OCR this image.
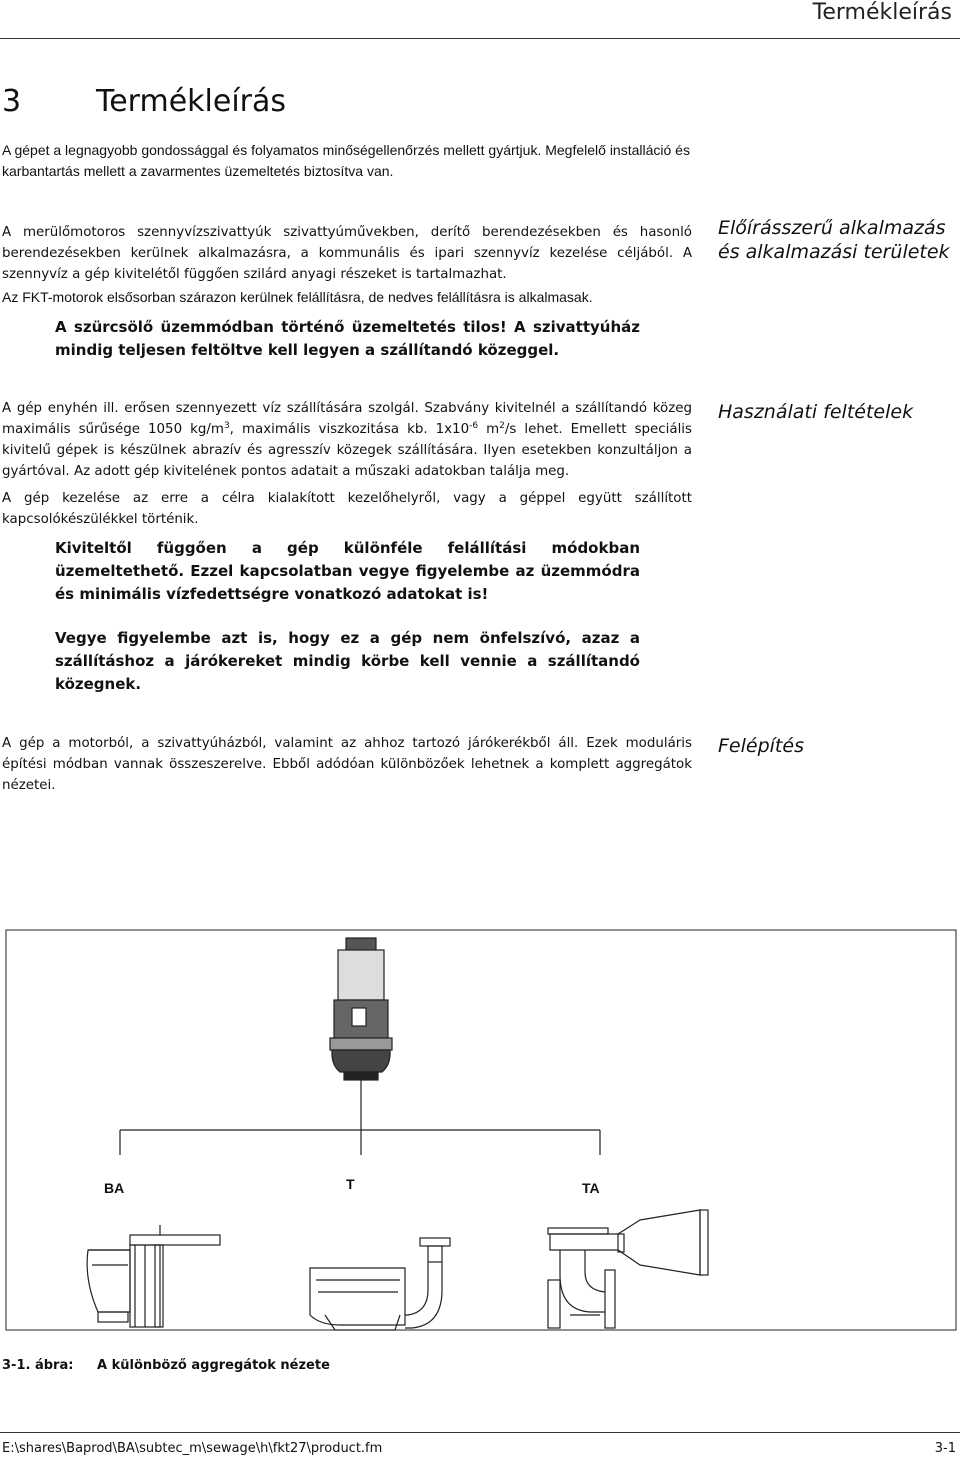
Termékleírás
3 Termékleírás
A gépet a legnagyobb gondossággal és folyamatos minőségellenőrzés mellett gyártjuk. Megfelelő installáció és karbantartás mellett a zavarmentes üzemeltetés biztosítva van.
A merülőmotoros szennyvízszivattyúk szivattyúművekben, derítő berendezésekben és hasonló berendezésekben kerülnek alkalmazásra, a kommunális és ipari szennyvíz kezelése céljából. A szennyvíz a gép kivitelétől függően szilárd anyagi részeket is tartalmazhat.
Az FKT-motorok elsősorban szárazon kerülnek felállításra, de nedves felállításra is alkalmasak.
A szürcsölő üzemmódban történő üzemeltetés tilos! A szivattyúház mindig teljesen feltöltve kell legyen a szállítandó közeggel.
Előírásszerű alkalmazás és alkalmazási területek
A gép enyhén ill. erősen szennyezett víz szállítására szolgál. Szabvány kivitelnél a szállítandó közeg maximális sűrűsége 1050 $kg/m^3$, maximális viszkozitása kb. $1x10^{-6}$ $m^2/s$ lehet. Emellett speciális kivitelű gépek is készülnek abrazív és agresszív közegek szállítására. Ilyen esetekben konzultáljon a gyártóval. Az adott gép kivitelének pontos adatait a műszaki adatokban találja meg.
A gép kezelése az erre a célra kialakított kezelőhelyről, vagy a géppel együtt szállított kapcsolókészülékkel történik.
Kiviteltől függően a gép különféle felállítási módokban üzemeltethető. Ezzel kapcsolatban vegye figyelembe az üzemmódra és minimális vízfedettségre vonatkozó adatokat is!
Vegye figyelembe azt is, hogy ez a gép nem önfelszívó, azaz a szállításhoz a járókereket mindig körbe kell vennie a szállítandó közegnek.
Használati feltételek
A gép a motorból, a szivattyúházból, valamint az ahhoz tartozó járókerékből áll. Ezek moduláris építési módban vannak összeszerelve. Ebből adódóan különbözőek lehetnek a komplett aggregátok nézetei.
Felépítés
BA	T	TA
3-1. ábra: A különböző aggregátok nézete
E:\shares\Baprod\BA\subtec_m\sewage\h\fkt27\product.fm	3-1
